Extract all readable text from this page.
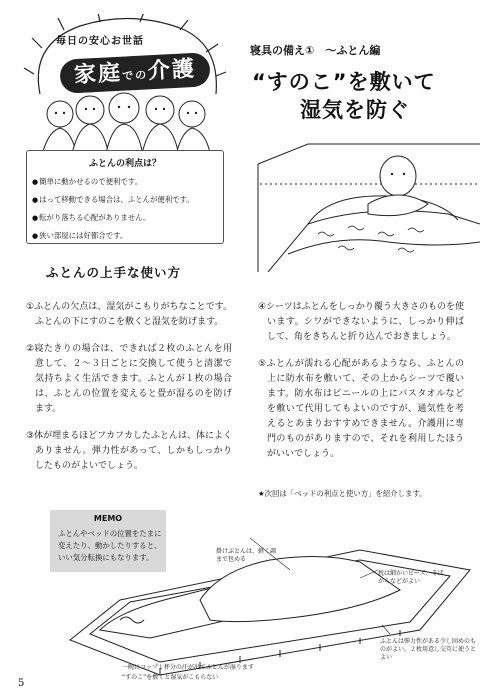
毎日の安心お世話
家庭での介護
寝具の備え①　～ふとん編
“すのこ”を敷いて
湿気を防ぐ
ふとんの利点は？
● 簡単に動かせるので便利です。
● はって移動できる場合は、ふとんが便利です。
● 転がり落ちる心配がありません。
● 狭い部屋には好都合です。
ふとんの上手な使い方

①ふとんの欠点は、湿気がこもりがちなことです。ふとんの下にすのこを敷くと湿気を防げます。

②寝たきりの場合は、できれば２枚のふとんを用意して、２～３日ごとに交換して使うと清潔で気持ちよく生活できます。ふとんが１枚の場合は、ふとんの位置を変えると畳が湿るのを防げます。

③体が埋まるほどフカフカしたふとんは、体によくありません。弾力性があって、しかもしっかりしたものがよいでしょう。

④シーツはふとんをしっかり覆う大きさのものを使います。シワができないように、しっかり伸ばして、角をきちんと折り込んでおきましょう。

⑤ふとんが濡れる心配があるようなら、ふとんの上に防水布を敷いて、その上からシーツで覆います。防水布はビニールの上にバスタオルなどを敷いて代用してもよいのですが、通気性を考えるとあまりおすすめできません。介護用に専門のものがありますので、それを利用したほうがいいでしょう。

★次回は「ベッドの利点と使い方」を紹介します。
MEMO
ふとんやベッドの位置をたまに変えたり、動かしたりすると、いい気分転換にもなります。
掛けぶとんは、軽く調まで包める
枕は細かいビーズ、そばがらなどがよい
ふとんは弾力性がある少し固めのものがよい。２枚用意し交互に使うとよい
一晩にコップ１杯分の汗が出てふとんが湿ります
“すのこ”を敷くと湿気がこもらない
5
